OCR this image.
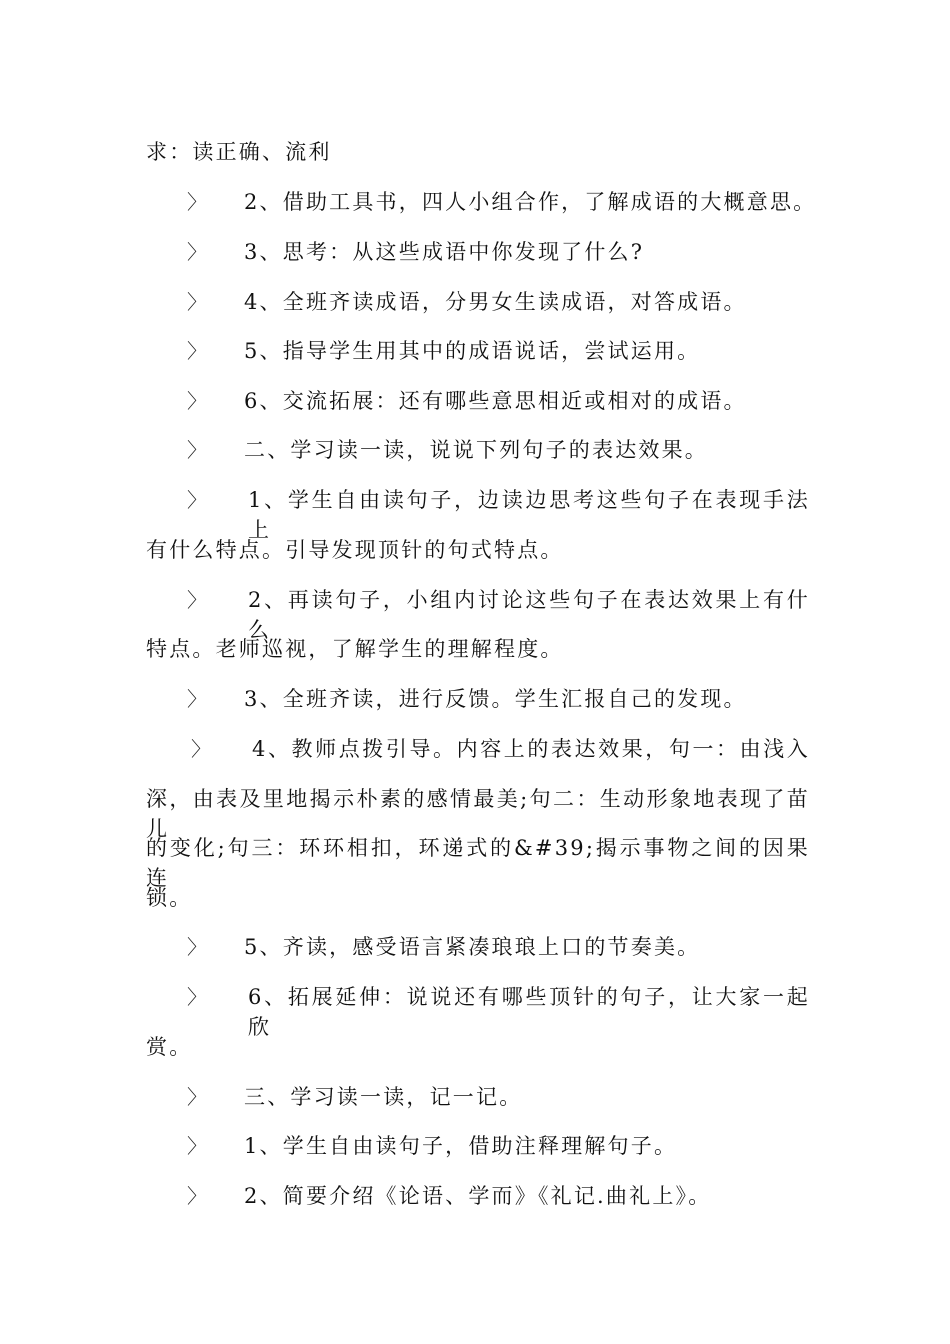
求：读正确、流利
〉 2、借助工具书，四人小组合作，了解成语的大概意思。
〉 3、思考：从这些成语中你发现了什么?
〉 4、全班齐读成语，分男女生读成语，对答成语。
〉 5、指导学生用其中的成语说话，尝试运用。
〉 6、交流拓展：还有哪些意思相近或相对的成语。
〉 二、学习读一读，说说下列句子的表达效果。
〉 1、学生自由读句子，边读边思考这些句子在表现手法上
有什么特点。引导发现顶针的句式特点。
〉 2、再读句子，小组内讨论这些句子在表达效果上有什么
特点。老师巡视，了解学生的理解程度。
〉 3、全班齐读，进行反馈。学生汇报自己的发现。
〉 4、教师点拨引导。内容上的表达效果，句一：由浅入
深，由表及里地揭示朴素的感情最美;句二：生动形象地表现了苗儿
的变化;句三：环环相扣，环递式的&#39;揭示事物之间的因果连
锁。
〉 5、齐读，感受语言紧凑琅琅上口的节奏美。
〉 6、拓展延伸：说说还有哪些顶针的句子，让大家一起欣
赏。
〉 三、学习读一读，记一记。
〉 1、学生自由读句子，借助注释理解句子。
〉 2、简要介绍《论语、学而》《礼记.曲礼上》。
